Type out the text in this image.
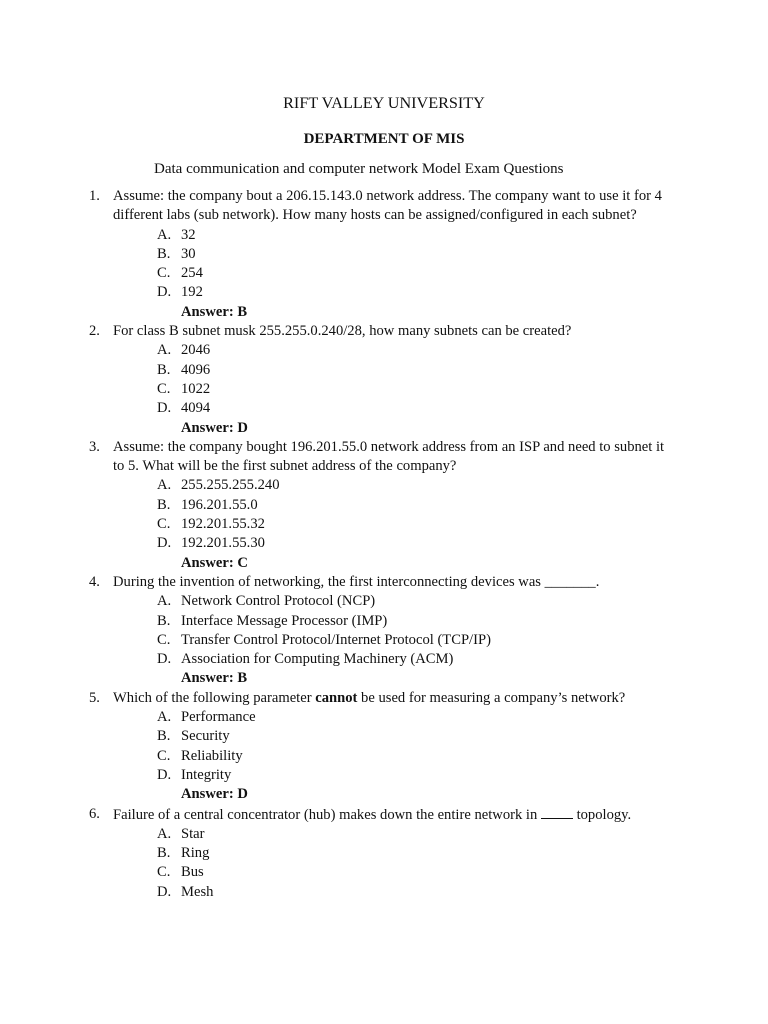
RIFT VALLEY UNIVERSITY
DEPARTMENT OF MIS
Data communication and computer network Model Exam Questions
1. Assume: the company bout a 206.15.143.0 network address. The company want to use it for 4 different labs (sub network). How many hosts can be assigned/configured in each subnet?
A. 32
B. 30
C. 254
D. 192
Answer: B
2. For class B subnet musk 255.255.0.240/28, how many subnets can be created?
A. 2046
B. 4096
C. 1022
D. 4094
Answer: D
3. Assume: the company bought 196.201.55.0 network address from an ISP and need to subnet it to 5. What will be the first subnet address of the company?
A. 255.255.255.240
B. 196.201.55.0
C. 192.201.55.32
D. 192.201.55.30
Answer: C
4. During the invention of networking, the first interconnecting devices was _______.
A. Network Control Protocol (NCP)
B. Interface Message Processor (IMP)
C. Transfer Control Protocol/Internet Protocol (TCP/IP)
D. Association for Computing Machinery (ACM)
Answer: B
5. Which of the following parameter cannot be used for measuring a company’s network?
A. Performance
B. Security
C. Reliability
D. Integrity
Answer: D
6. Failure of a central concentrator (hub) makes down the entire network in  topology.
A. Star
B. Ring
C. Bus
D. Mesh
